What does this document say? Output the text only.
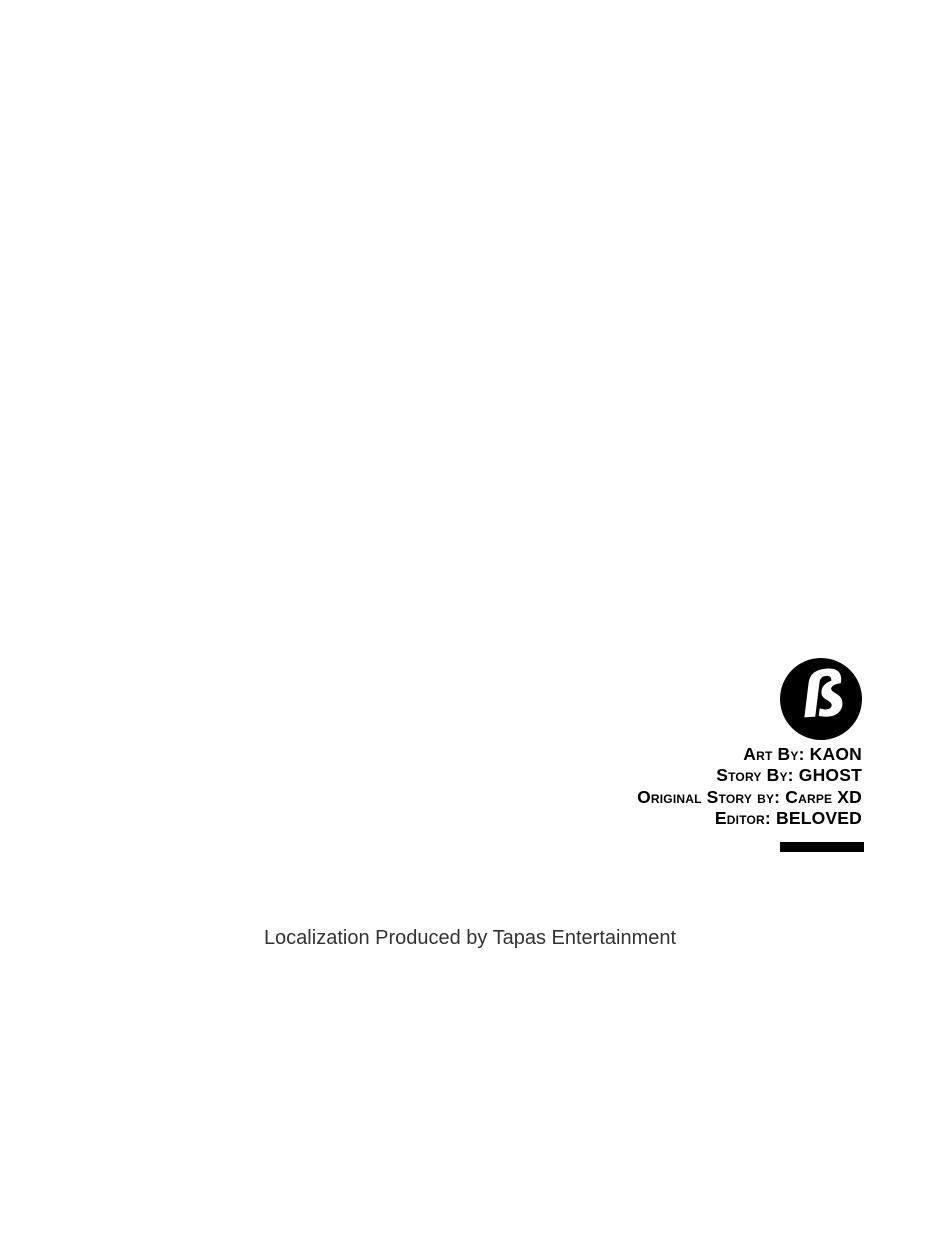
ß
Art By: KAON
Story By: GHOST
Original Story by: Carpe XD
Editor: BELOVED
Localization Produced by Tapas Entertainment
